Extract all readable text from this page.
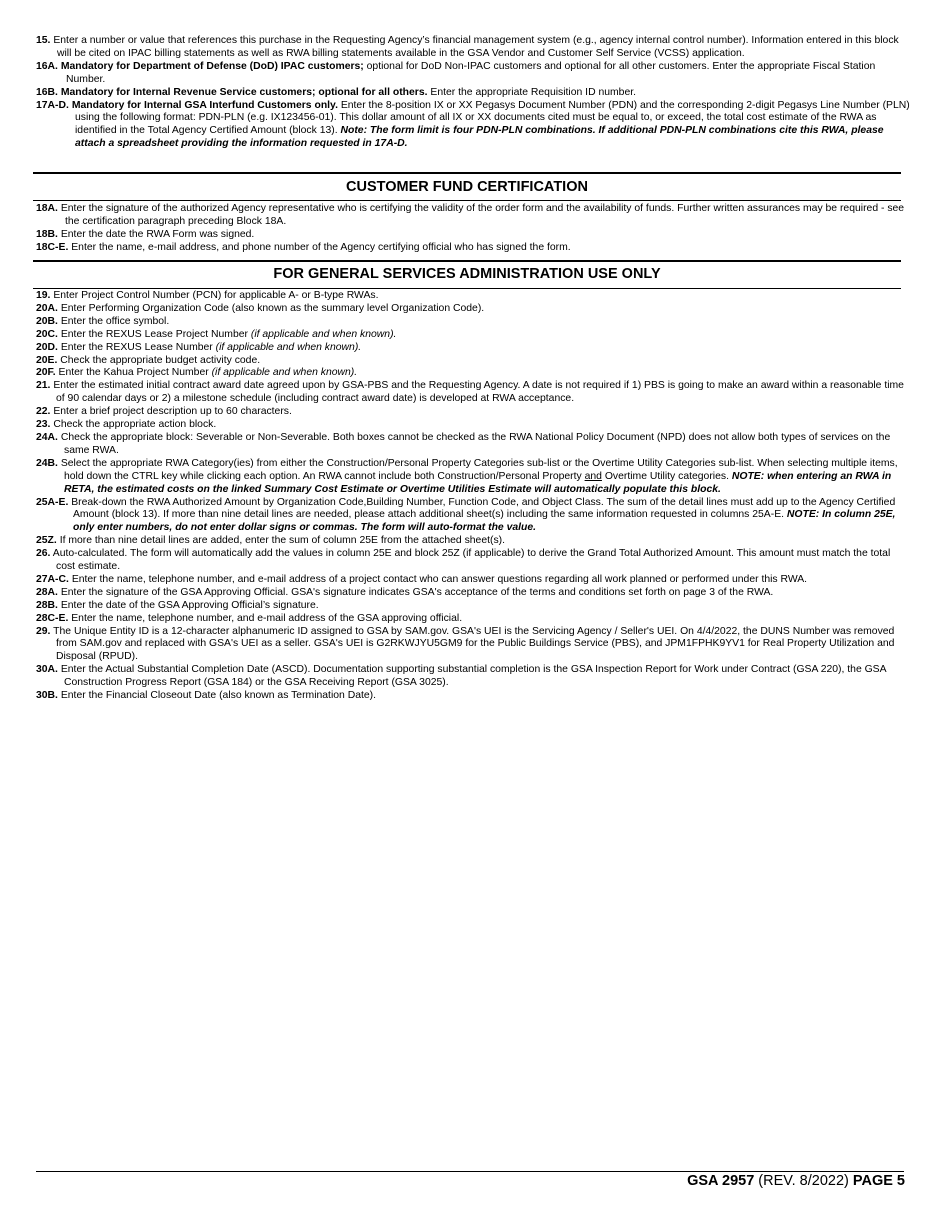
15. Enter a number or value that references this purchase in the Requesting Agency’s financial management system (e.g., agency internal control number). Information entered in this block will be cited on IPAC billing statements as well as RWA billing statements available in the GSA Vendor and Customer Self Service (VCSS) application.

16A. Mandatory for Department of Defense (DoD) IPAC customers; optional for DoD Non-IPAC customers and optional for all other customers. Enter the appropriate Fiscal Station Number.

16B. Mandatory for Internal Revenue Service customers; optional for all others. Enter the appropriate Requisition ID number.

17A-D. Mandatory for Internal GSA Interfund Customers only. Enter the 8-position IX or XX Pegasys Document Number (PDN) and the corresponding 2-digit Pegasys Line Number (PLN) using the following format: PDN-PLN (e.g. IX123456-01). This dollar amount of all IX or XX documents cited must be equal to, or exceed, the total cost estimate of the RWA as identified in the Total Agency Certified Amount (block 13). Note: The form limit is four PDN-PLN combinations. If additional PDN-PLN combinations cite this RWA, please attach a spreadsheet providing the information requested in 17A-D.

CUSTOMER FUND CERTIFICATION

18A. Enter the signature of the authorized Agency representative who is certifying the validity of the order form and the availability of funds. Further written assurances may be required - see the certification paragraph preceding Block 18A.

18B. Enter the date the RWA Form was signed.

18C-E. Enter the name, e-mail address, and phone number of the Agency certifying official who has signed the form.

FOR GENERAL SERVICES ADMINISTRATION USE ONLY

19. Enter Project Control Number (PCN) for applicable A- or B-type RWAs.

20A. Enter Performing Organization Code (also known as the summary level Organization Code).

20B. Enter the office symbol.

20C. Enter the REXUS Lease Project Number (if applicable and when known).

20D. Enter the REXUS Lease Number (if applicable and when known).

20E. Check the appropriate budget activity code.

20F. Enter the Kahua Project Number (if applicable and when known).

21. Enter the estimated initial contract award date agreed upon by GSA-PBS and the Requesting Agency. A date is not required if 1) PBS is going to make an award within a reasonable time of 90 calendar days or 2) a milestone schedule (including contract award date) is developed at RWA acceptance.

22. Enter a brief project description up to 60 characters.

23. Check the appropriate action block.

24A. Check the appropriate block: Severable or Non-Severable. Both boxes cannot be checked as the RWA National Policy Document (NPD) does not allow both types of services on the same RWA.

24B. Select the appropriate RWA Category(ies) from either the Construction/Personal Property Categories sub-list or the Overtime Utility Categories sub-list. When selecting multiple items, hold down the CTRL key while clicking each option. An RWA cannot include both Construction/Personal Property and Overtime Utility categories. NOTE: when entering an RWA in RETA, the estimated costs on the linked Summary Cost Estimate or Overtime Utilities Estimate will automatically populate this block.

25A-E. Break-down the RWA Authorized Amount by Organization Code,Building Number, Function Code, and Object Class. The sum of the detail lines must add up to the Agency Certified Amount (block 13). If more than nine detail lines are needed, please attach additional sheet(s) including the same information requested in columns 25A-E. NOTE: In column 25E, only enter numbers, do not enter dollar signs or commas. The form will auto-format the value.

25Z. If more than nine detail lines are added, enter the sum of column 25E from the attached sheet(s).

26. Auto-calculated. The form will automatically add the values in column 25E and block 25Z (if applicable) to derive the Grand Total Authorized Amount. This amount must match the total cost estimate.

27A-C. Enter the name, telephone number, and e-mail address of a project contact who can answer questions regarding all work planned or performed under this RWA.

28A. Enter the signature of the GSA Approving Official. GSA's signature indicates GSA's acceptance of the terms and conditions set forth on page 3 of the RWA.

28B. Enter the date of the GSA Approving Official’s signature.

28C-E. Enter the name, telephone number, and e-mail address of the GSA approving official.

29. The Unique Entity ID is a 12-character alphanumeric ID assigned to GSA by SAM.gov. GSA's UEI is the Servicing Agency / Seller's UEI. On 4/4/2022, the DUNS Number was removed from SAM.gov and replaced with GSA's UEI as a seller. GSA's UEI is G2RKWJYU5GM9 for the Public Buildings Service (PBS), and JPM1FPHK9YV1 for Real Property Utilization and Disposal (RPUD).

30A. Enter the Actual Substantial Completion Date (ASCD). Documentation supporting substantial completion is the GSA Inspection Report for Work under Contract (GSA 220), the GSA Construction Progress Report (GSA 184) or the GSA Receiving Report (GSA 3025).

30B. Enter the Financial Closeout Date (also known as Termination Date).

GSA 2957 (REV. 8/2022) PAGE 5
